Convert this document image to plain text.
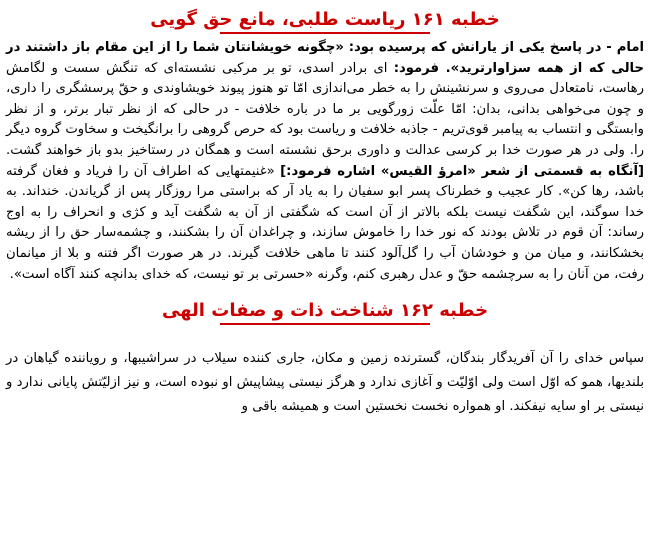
خطبه ۱۶۱ ریاست طلبی، مانع حق گویی

امام - در پاسخ یکی از یارانش که پرسیده بود: «چگونه خویشانتان شما را از این مقام باز داشتند در حالی که از همه سزاوارترید». فرمود: ای برادر اسدی، تو بر مرکبی نشسته‌ای که تنگش سست و لگامش رهاست، نامتعادل می‌روی و سرنشینش را به خطر می‌اندازی امّا تو هنوز پیوند خویشاوندی و حقّ پرسشگری را داری، و چون می‌خواهی بدانی، بدان: امّا علّت زورگویی بر ما در باره خلافت - در حالی که از نظر تبار برتر، و از نظر وابستگی و انتساب به پیامبر قوی‌تریم - جاذبه خلافت و ریاست بود که حرص گروهی را برانگیخت و سخاوت گروه دیگر را. ولی در هر صورت خدا بر کرسی عدالت و داوری برحق نشسته است و همگان در رستاخیز بدو باز خواهند گشت. [آنگاه به قسمتی از شعر «امرؤ القیس» اشاره فرمود:] «غنیمتهایی که اطراف آن را فریاد و فغان گرفته باشد، رها کن». کار عجیب و خطرناک پسر ابو سفیان را به یاد آر که براستی مرا روزگار پس از گریاندن. خنداند. به خدا سوگند، این شگفت نیست بلکه بالاتر از آن است که شگفتی از آن به شگفت آید و کژی و انحراف را به اوج رساند: آن قوم در تلاش بودند که نور خدا را خاموش سازند، و چراغدان آن را بشکنند، و چشمه‌سار حق را از ریشه بخشکانند، و میان من و خودشان آب را گل‌آلود کنند تا ماهی خلافت گیرند. در هر صورت اگر فتنه و بلا از میانمان رفت، من آنان را به سرچشمه حقّ و عدل رهبری کنم، وگرنه «حسرتی بر تو نیست، که خدای بدانچه کنند آگاه است».

خطبه ۱۶۲ شناخت ذات و صفات الهی

سپاس خدای را آن آفریدگار بندگان، گسترنده زمین و مکان، جاری کننده سیلاب در سراشیبها، و رویاننده گیاهان در بلندیها، همو که اوّل است ولی اوّلیّت و آغازی ندارد و هرگز نیستی پیشاپیش او نبوده است، و نیز ازلیّتش پایانی ندارد و نیستی بر او سایه نیفکند. او همواره نخست نخستین است و همیشه باقی و
